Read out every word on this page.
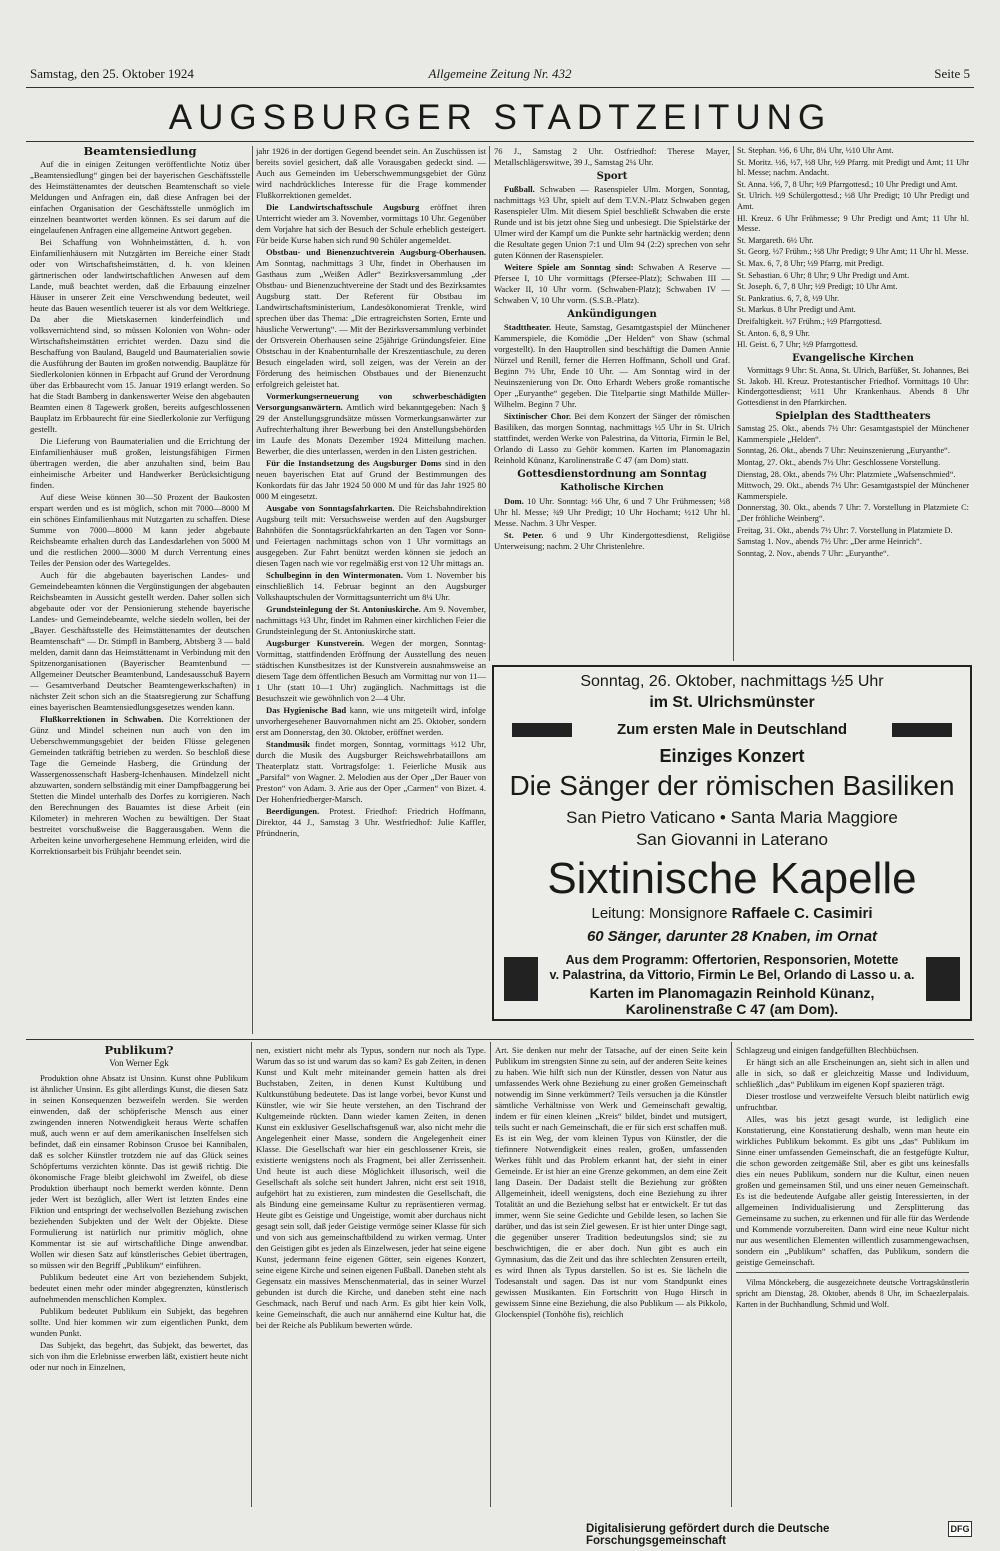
Samstag, den 25. Oktober 1924	Allgemeine Zeitung Nr. 432	Seite 5
AUGSBURGER STADTZEITUNG
Beamtensiedlung

Auf die in einigen Zeitungen veröffentlichte Notiz über „Beamtensiedlung“ gingen bei der bayerischen Geschäftsstelle des Heimstättenamtes der deutschen Beamtenschaft so viele Meldungen und Anfragen ein, daß diese Anfragen bei der einfachen Organisation der Geschäftsstelle unmöglich im einzelnen beantwortet werden können. Es sei darum auf die eingelaufenen Anfragen eine allgemeine Antwort gegeben.

Bei Schaffung von Wohnheimstätten, d. h. von Einfamilienhäusern mit Nutzgärten im Bereiche einer Stadt oder von Wirtschaftsheimstätten, d. h. von kleinen gärtnerischen oder landwirtschaftlichen Anwesen auf dem Lande, muß beachtet werden, daß die Erbauung einzelner Häuser in unserer Zeit eine Verschwendung bedeutet, weil heute das Bauen wesentlich teuerer ist als vor dem Weltkriege. Da aber die Mietskasernen kinderfeindlich und volksvernichtend sind, so müssen Kolonien von Wohn- oder Wirtschaftsheimstätten errichtet werden. Dazu sind die Beschaffung von Bauland, Baugeld und Baumaterialien sowie die Ausführung der Bauten im großen notwendig. Bauplätze für Siedlerkolonien können in Erbpacht auf Grund der Verordnung über das Erbbaurecht vom 15. Januar 1919 erlangt werden. So hat die Stadt Bamberg in dankenswerter Weise den abgebauten Beamten einen 8 Tagewerk großen, bereits aufgeschlossenen Bauplatz im Erbbaurecht für eine Siedlerkolonie zur Verfügung gestellt.

Die Lieferung von Baumaterialien und die Errichtung der Einfamilienhäuser muß großen, leistungsfähigen Firmen übertragen werden, die aber anzuhalten sind, beim Bau einheimische Arbeiter und Handwerker Berücksichtigung finden.

Auf diese Weise können 30—50 Prozent der Baukosten erspart werden und es ist möglich, schon mit 7000—8000 M ein schönes Einfamilienhaus mit Nutzgarten zu schaffen. Diese Summe von 7000—8000 M kann jeder abgebaute Reichsbeamte erhalten durch das Landesdarlehen von 5000 M und die restlichen 2000—3000 M durch Verrentung eines Teiles der Pension oder des Wartegeldes.

Auch für die abgebauten bayerischen Landes- und Gemeindebeamten können die Vergünstigungen der abgebauten Reichsbeamten in Aussicht gestellt werden. Daher sollen sich abgebaute oder vor der Pensionierung stehende bayerische Landes- und Gemeindebeamte, welche siedeln wollen, bei der „Bayer. Geschäftsstelle des Heimstättenamtes der deutschen Beamtenschaft“ — Dr. Stimpfl in Bamberg, Abtsberg 3 — bald melden, damit dann das Heimstättenamt in Verbindung mit den Spitzenorganisationen (Bayerischer Beamtenbund — Allgemeiner Deutscher Beamtenbund, Landesausschuß Bayern — Gesamtverband Deutscher Beamtengewerkschaften) in nächster Zeit schon sich an die Staatsregierung zur Schaffung eines bayerischen Beamtensiedlungsgesetzes wenden kann.

Flußkorrektionen in Schwaben. Die Korrektionen der Günz und Mindel scheinen nun auch von den im Ueberschwemmungsgebiet der beiden Flüsse gelegenen Gemeinden tatkräftig betrieben zu werden. So beschloß diese Tage die Gemeinde Hasberg, die Gründung der Wassergenossenschaft Hasberg-Ichenhausen. Mindelzell nicht abzuwarten, sondern selbständig mit einer Dampfbaggerung bei Stetten die Mindel unterhalb des Dorfes zu korrigieren. Nach den Berechnungen des Bauamtes ist diese Arbeit (ein Kilometer) in mehreren Wochen zu bewältigen. Der Staat bestreitet vorschußweise die Baggerausgaben. Wenn die Arbeiten keine unvorhergesehene Hemmung erleiden, wird die Korrektionsarbeit bis Frühjahr beendet sein.

jahr 1926 in der dortigen Gegend beendet sein. An Zuschüssen ist bereits soviel gesichert, daß alle Vorausgaben gedeckt sind. — Auch aus Gemeinden im Ueberschwemmungsgebiet der Günz wird nachdrückliches Interesse für die Frage kommender Flußkorrektionen gemeldet.

Die Landwirtschaftsschule Augsburg eröffnet ihren Unterricht wieder am 3. November, vormittags 10 Uhr. Gegenüber dem Vorjahre hat sich der Besuch der Schule erheblich gesteigert. Für beide Kurse haben sich rund 90 Schüler angemeldet.

Obstbau- und Bienenzuchtverein Augsburg-Oberhausen. Am Sonntag, nachmittags 3 Uhr, findet in Oberhausen im Gasthaus zum „Weißen Adler“ Bezirksversammlung „der Obstbau- und Bienenzuchtvereine der Stadt und des Bezirksamtes Augsburg statt. Der Referent für Obstbau im Landwirtschaftsministerium, Landesökonomierat Trenkle, wird sprechen über das Thema: „Die ertragreichsten Sorten, Ernte und häusliche Verwertung“. — Mit der Bezirksversammlung verbindet der Ortsverein Oberhausen seine 25jährige Gründungsfeier. Eine Obstschau in der Knabenturnhalle der Kreszentiaschule, zu deren Besuch eingeladen wird, soll zeigen, was der Verein an der Förderung des heimischen Obstbaues und der Bienenzucht erfolgreich geleistet hat.

Vormerkungserneuerung von schwerbeschädigten Versorgungsanwärtern. Amtlich wird bekanntgegeben: Nach § 29 der Anstellungsgrundsätze müssen Vormerkungsanwärter zur Aufrechterhaltung ihrer Bewerbung bei den Anstellungsbehörden im Laufe des Monats Dezember 1924 Mitteilung machen. Bewerber, die dies unterlassen, werden in den Listen gestrichen.

Für die Instandsetzung des Augsburger Doms sind in den neuen bayerischen Etat auf Grund der Bestimmungen des Konkordats für das Jahr 1924 50 000 M und für das Jahr 1925 80 000 M eingesetzt.

Ausgabe von Sonntagsfahrkarten. Die Reichsbahndirektion Augsburg teilt mit: Versuchsweise werden auf den Augsburger Bahnhöfen die Sonntagsrückfahrkarten an den Tagen vor Sonn- und Feiertagen nachmittags schon von 1 Uhr vormittags an ausgegeben. Zur Fahrt benützt werden können sie jedoch an diesen Tagen nach wie vor regelmäßig erst von 12 Uhr mittags an.

Schulbeginn in den Wintermonaten. Vom 1. November bis einschließlich 14. Februar beginnt an den Augsburger Volkshauptschulen der Vormittagsunterricht um 8¼ Uhr.

Grundsteinlegung der St. Antoniuskirche. Am 9. November, nachmittags ½3 Uhr, findet im Rahmen einer kirchlichen Feier die Grundsteinlegung der St. Antoniuskirche statt.

Augsburger Kunstverein. Wegen der morgen, Sonntag-Vormittag, stattfindenden Eröffnung der Ausstellung des neuen städtischen Kunstbesitzes ist der Kunstverein ausnahmsweise an diesem Tage dem öffentlichen Besuch am Vormittag nur von 11—1 Uhr (statt 10—1 Uhr) zugänglich. Nachmittags ist die Besuchszeit wie gewöhnlich von 2—4 Uhr.

Das Hygienische Bad kann, wie uns mitgeteilt wird, infolge unvorhergesehener Bauvornahmen nicht am 25. Oktober, sondern erst am Donnerstag, den 30. Oktober, eröffnet werden.

Standmusik findet morgen, Sonntag, vormittags ½12 Uhr, durch die Musik des Augsburger Reichswehrbataillons am Theaterplatz statt. Vortragsfolge: 1. Feierliche Musik aus „Parsifal“ von Wagner. 2. Melodien aus der Oper „Der Bauer von Preston“ von Adam. 3. Arie aus der Oper „Carmen“ von Bizet. 4. Der Hohenfriedberger-Marsch.

Beerdigungen. Protest. Friedhof: Friedrich Hoffmann, Direktor, 44 J., Samstag 3 Uhr. Westfriedhof: Julie Kaffler, Pfründnerin,

76 J., Samstag 2 Uhr. Ostfriedhof: Therese Mayer, Metallschlägerswitwe, 39 J., Samstag 2¼ Uhr.

Sport

Fußball. Schwaben — Rasenspieler Ulm. Morgen, Sonntag, nachmittags ½3 Uhr, spielt auf dem T.V.N.-Platz Schwaben gegen Rasenspieler Ulm. Mit diesem Spiel beschließt Schwaben die erste Runde und ist bis jetzt ohne Sieg und unbesiegt. Die Spielstärke der Ulmer wird der Kampf um die Punkte sehr hartnäckig werden; denn die Resultate gegen Union 7:1 und Ulm 94 (2:2) sprechen von sehr guten Können der Rasenspieler.

Weitere Spiele am Sonntag sind: Schwaben A Reserve — Pferseе I, 10 Uhr vormittags (Pferseе-Platz); Schwaben III — Wacker II, 10 Uhr vorm. (Schwaben-Platz); Schwaben IV — Schwaben V, 10 Uhr vorm. (S.S.B.-Platz).

Ankündigungen

Stadttheater. Heute, Samstag, Gesamtgastspiel der Münchener Kammerspiele, die Komödie „Der Helden“ von Shaw (schmal vorgestellt). In den Hauptrollen sind beschäftigt die Damen Annie Nürzel und Renill, ferner die Herren Hoffmann, Scholl und Graf. Beginn 7½ Uhr, Ende 10 Uhr. — Am Sonntag wird in der Neuinszenierung von Dr. Otto Erhardt Webers große romantische Oper „Euryanthe“ gegeben. Die Titelpartie singt Mathilde Müller-Wilhelm. Beginn 7 Uhr.

Sixtinischer Chor. Bei dem Konzert der Sänger der römischen Basiliken, das morgen Sonntag, nachmittags ½5 Uhr in St. Ulrich stattfindet, werden Werke von Palestrina, da Vittoria, Firmin le Bel, Orlando di Lasso zu Gehör kommen. Karten im Planomagazin Reinhold Künanz, Karolinenstraße C 47 (am Dom) statt.

Gottesdienstordnung am Sonntag
Katholische Kirchen

Dom. 10 Uhr. Sonntag: ½6 Uhr, 6 und 7 Uhr Frühmessen; ½8 Uhr hl. Messe; ¾9 Uhr Predigt; 10 Uhr Hochamt; ½12 Uhr hl. Messe. Nachm. 3 Uhr Vesper.

St. Peter. 6 und 9 Uhr Kindergottesdienst, Religiöse Unterweisung; nachm. 2 Uhr Christenlehre.

St. Stephan. ½6, 6 Uhr, 8¼ Uhr, ½10 Uhr Amt.
St. Moritz. ½6, ½7, ½8 Uhr, ½9 Pfarrg. mit Predigt und Amt; 11 Uhr hl. Messe; nachm. Andacht.
St. Anna. ½6, 7, 8 Uhr; ½9 Pfarrgottesd.; 10 Uhr Predigt und Amt.
St. Ulrich. ½9 Schülergottesd.; ½8 Uhr Predigt; 10 Uhr Predigt und Amt.
Hl. Kreuz. 6 Uhr Frühmesse; 9 Uhr Predigt und Amt; 11 Uhr hl. Messe.
St. Margareth. 6½ Uhr.
St. Georg. ½7 Frühm.; ½8 Uhr Predigt; 9 Uhr Amt; 11 Uhr hl. Messe.
St. Max. 6, 7, 8 Uhr; ½9 Pfarrg. mit Predigt.
St. Sebastian. 6 Uhr; 8 Uhr; 9 Uhr Predigt und Amt.
St. Joseph. 6, 7, 8 Uhr; ½9 Predigt; 10 Uhr Amt.
St. Pankratius. 6, 7, 8, ½9 Uhr.
St. Markus. 8 Uhr Predigt und Amt.
Dreifaltigkeit. ½7 Frühm.; ½9 Pfarrgottesd.
St. Anton. 6, 8, 9 Uhr.
Hl. Geist. 6, 7 Uhr; ½9 Pfarrgottesd.
Evangelische Kirchen

Vormittags 9 Uhr: St. Anna, St. Ulrich, Barfüßer, St. Johannes, Bei St. Jakob. Hl. Kreuz. Protestantischer Friedhof. Vormittags 10 Uhr: Kindergottesdienst; ½11 Uhr Krankenhaus. Abends 8 Uhr Gottesdienst in den Pfarrkirchen.

Spielplan des Stadttheaters
Samstag 25. Okt., abends 7½ Uhr: Gesamtgastspiel der Münchener Kammerspiele „Helden“.
Sonntag, 26. Okt., abends 7 Uhr: Neuinszenierung „Euryanthe“.
Montag, 27. Okt., abends 7½ Uhr: Geschlossene Vorstellung.
Dienstag, 28. Okt., abends 7½ Uhr: Platzmiete „Wafsenschmied“.
Mittwoch, 29. Okt., abends 7½ Uhr: Gesamtgastspiel der Münchener Kammerspiele.
Donnerstag, 30. Okt., abends 7 Uhr: 7. Vorstellung in Platzmiete C: „Der fröhliche Weinberg“.
Freitag, 31. Okt., abends 7½ Uhr: 7. Vorstellung in Platzmiete D.
Samstag 1. Nov., abends 7½ Uhr: „Der arme Heinrich“.
Sonntag, 2. Nov., abends 7 Uhr: „Euryanthe“.
Sonntag, 26. Oktober, nachmittags ½5 Uhr
im St. Ulrichsmünster
Zum ersten Male in Deutschland
Einziges Konzert
Die Sänger der römischen Basiliken
San Pietro Vaticano • Santa Maria Maggiore
San Giovanni in Laterano
Sixtinische Kapelle
Leitung: Monsignore Raffaele C. Casimiri
60 Sänger, darunter 28 Knaben, im Ornat
Aus dem Programm: Offertorien, Responsorien, Motette
v. Palastrina, da Vittorio, Firmin Le Bel, Orlando di Lasso u. a.
Karten im Planomagazin Reinhold Künanz, Karolinenstraße C 47 (am Dom).
Publikum?
Von Werner Egk

Produktion ohne Absatz ist Unsinn. Kunst ohne Publikum ist ähnlicher Unsinn. Es gibt allerdings Kunst, die diesen Satz in seinen Konsequenzen bezweifeln werden. Sie werden einwenden, daß der schöpferische Mensch aus einer zwingenden inneren Notwendigkeit heraus Werte schaffen muß, auch wenn er auf dem amerikanischen Inselfelsen sich befindet, daß ein einsamer Robinson Crusoe bei Kannibalen, daß es solcher Künstler trotzdem nie auf das Glück seines Schöpfertums verzichten könnte. Das ist gewiß richtig. Die ökonomische Frage bleibt gleichwohl im Zweifel, ob diese Produktion überhaupt noch bemerkt werden könnte. Denn jeder Wert ist bezüglich, aller Wert ist letzten Endes eine Fiktion und entspringt der wechselvollen Beziehung zwischen beziehenden Subjekten und der Welt der Objekte. Diese Formulierung ist natürlich nur primitiv möglich, ohne Kommentar ist sie auf wirtschaftliche Dinge anwendbar. Wollen wir diesen Satz auf künstlerisches Gebiet übertragen, so müssen wir den Begriff „Publikum“ einführen.

Publikum bedeutet eine Art von beziehendem Subjekt, bedeutet einen mehr oder minder abgegrenzten, künstlerisch aufnehmenden menschlichen Komplex.

Publikum bedeutet Publikum ein Subjekt, das begehren sollte. Und hier kommen wir zum eigentlichen Punkt, dem wunden Punkt.

Das Subjekt, das begehrt, das Subjekt, das bewertet, das sich von ihm die Erlebnisse erwerben läßt, existiert heute nicht oder nur noch in Einzelnen,

nen, existiert nicht mehr als Typus, sondern nur noch als Type. Warum das so ist und warum das so kam? Es gab Zeiten, in denen Kunst und Kult mehr miteinander gemein hatten als drei Buchstaben, Zeiten, in denen Kunst Kultübung und Kultkunstübung bedeutete. Das ist lange vorbei, bevor Kunst und Künstler, wie wir Sie heute verstehen, an den Tischrand der Kultgemeinde rückten. Dann wieder kamen Zeiten, in denen Kunst ein exklusiver Gesellschaftsgenuß war, also nicht mehr die Angelegenheit einer Masse, sondern die Angelegenheit einer Klasse. Die Gesellschaft war hier ein geschlossener Kreis, sie existierte wenigstens noch als Fragment, bei aller Zerrissenheit. Und heute ist auch diese Möglichkeit illusorisch, weil die Gesellschaft als solche seit hundert Jahren, nicht erst seit 1918, aufgehört hat zu existieren, zum mindesten die Gesellschaft, die als Bindung eine gemeinsame Kultur zu repräsentieren vermag. Heute gibt es Geistige und Ungeistige, womit aber durchaus nicht gesagt sein soll, daß jeder Geistige vermöge seiner Klasse für sich und von sich aus gemeinschaftbildend zu wirken vermag. Unter den Geistigen gibt es jeden als Einzelwesen, jeder hat seine eigene Kunst, jedermann feine eigenen Götter, sein eigenes Konzert, seine eigene Kirche und seinen eigenen Fußball. Daneben steht als Gegensatz ein massives Menschenmaterial, das in seiner Wurzel gebunden ist durch die Kirche, und daneben steht eine nach Geschmack, nach Beruf und nach Arm. Es gibt hier kein Volk, keine Gemeinschaft, die auch nur annähernd eine Kultur hat, die bei der Reiche als Publikum bewerten würde.

Art. Sie denken nur mehr der Tatsache, auf der einen Seite kein Publikum im strengsten Sinne zu sein, auf der anderen Seite keines zu haben. Wie hilft sich nun der Künstler, dessen von Natur aus umfassendes Werk ohne Beziehung zu einer großen Gemeinschaft notwendig im Sinne verkümmert? Teils versuchen ja die Künstler sämtliche Verhältnisse von Werk und Gemeinschaft gewaltig, indem er für einen kleinen „Kreis“ bildet, bindet und mutsigert, teils sucht er nach Gemeinschaft, die er für sich erst schaffen muß. Es ist ein Weg, der vom kleinen Typus von Künstler, der die tiefinnere Notwendigkeit eines realen, großen, umfassenden Werkes fühlt und das Problem erkannt hat, der sieht in einer Gemeinde. Er ist hier an eine Grenze gekommen, an dem eine Zeit lang Dasein. Der Dadaist stellt die Beziehung zur größten Allgemeinheit, ideell wenigstens, doch eine Beziehung zu ihrer Totalität an und die Beziehung selbst hat er entwickelt. Er tut das immer, wenn Sie seine Gedichte und Gebilde lesen, so lachen Sie darüber, und das ist sein Ziel gewesen. Er ist hier unter Dinge sagt, die gegenüber unserer Tradition bedeutungslos sind; sie zu beschwichtigen, die er aber doch. Nun gibt es auch ein Gymnasium, das die Zeit und das ihre schlechten Zensuren erteilt, es wird Ihnen als Typus darstellen. So ist es. Sie lächeln die Todesanstalt und sagen. Das ist nur vom Standpunkt eines gewissen Musikanten. Ein Fortschritt von Hugo Hirsch in gewissem Sinne eine Beziehung, die also Publikum — als Pikkolo, Glockenspiel (Tonhöhe fis), reichlich

Schlagzeug und einigen fandgefüllten Blechbüchsen.

Er hängt sich an alle Erscheinungen an, sieht sich in allen und alle in sich, so daß er gleichzeitig Masse und Individuum, schließlich „das“ Publikum im eigenen Kopf spazieren trägt.

Dieser trostlose und verzweifelte Versuch bleibt natürlich ewig unfruchtbar.

Alles, was bis jetzt gesagt wurde, ist lediglich eine Konstatierung, eine Konstatierung deshalb, wenn man heute ein wirkliches Publikum bekommt. Es gibt uns „das“ Publikum im Sinne einer umfassenden Gemeinschaft, die an festgefügte Kultur, die schon geworden zeitgemäße Stil, aber es gibt uns keinesfalls dies ein neues Publikum, sondern nur die Kultur, einen neuen großen und gemeinsamen Stil, und uns einer neuen Gemeinschaft. Es ist die bedeutende Aufgabe aller geistig Interessierten, in der allgemeinen Individualisierung und Zersplitterung das Gemeinsame zu suchen, zu erkennen und für alle für das Werdende und Kommende vorzubereiten. Dann wird eine neue Kultur nicht nur aus wesentlichen Elementen willentlich zusammengewachsen, sondern ein „Publikum“ schaffen, das Publikum, sondern die geistige Gemeinschaft.

Vilma Mönckeberg, die ausgezeichnete deutsche Vortragskünstlerin spricht am Dienstag, 28. Oktober, abends 8 Uhr, im Schaezlerpalais. Karten in der Buchhandlung, Schmid und Wolf.

Digitalisierung gefördert durch die Deutsche Forschungsgemeinschaft
DFG
